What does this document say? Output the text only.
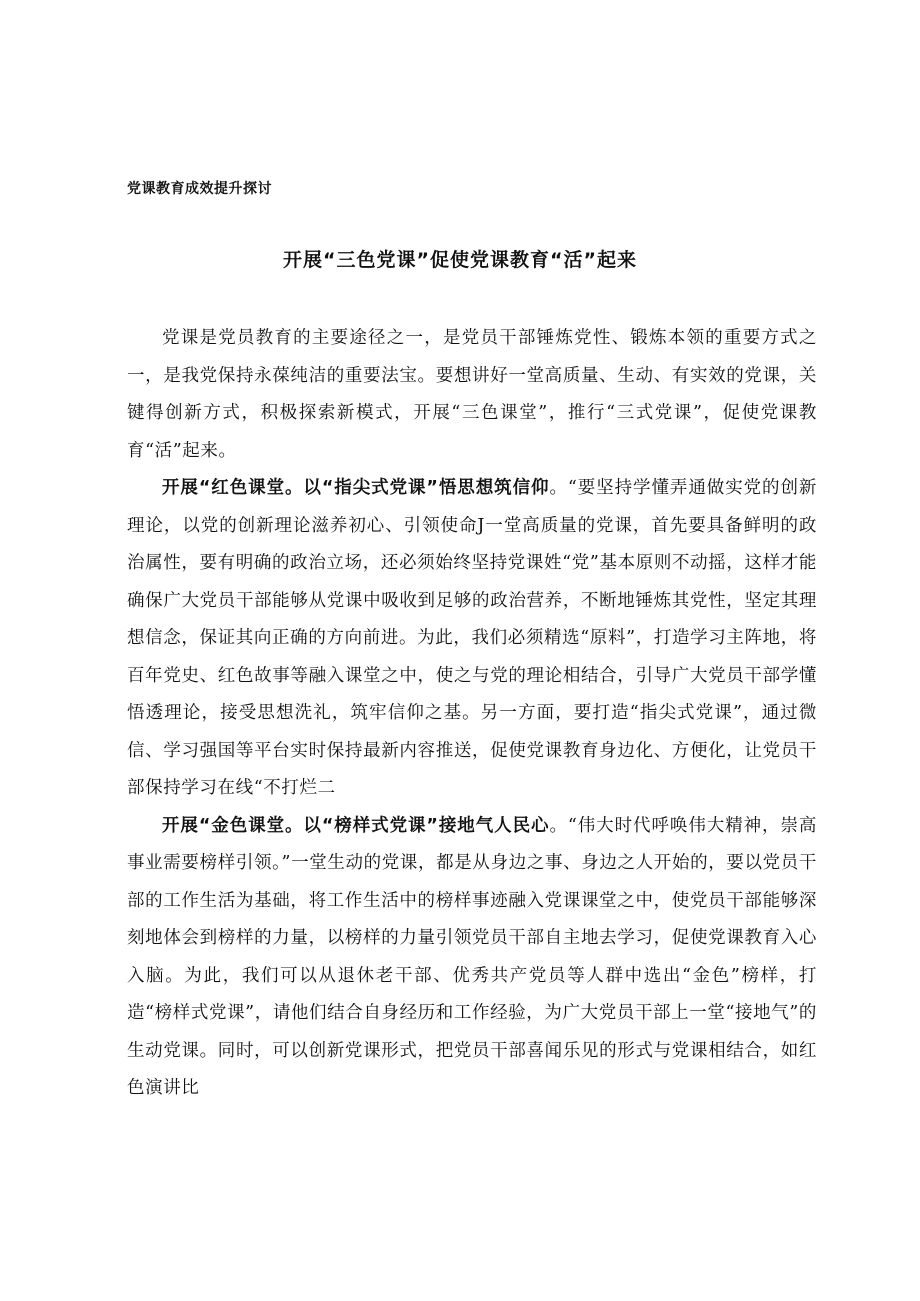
党课教育成效提升探讨
开展“三色党课”促使党课教育“活”起来

党课是党员教育的主要途径之一，是党员干部锤炼党性、锻炼本领的重要方式之一，是我党保持永葆纯洁的重要法宝。要想讲好一堂高质量、生动、有实效的党课，关键得创新方式，积极探索新模式，开展“三色课堂”，推行“三式党课”，促使党课教育“活”起来。

开展“红色课堂。以“指尖式党课”悟思想筑信仰。“要坚持学懂弄通做实党的创新理论，以党的创新理论滋养初心、引领使命J一堂高质量的党课，首先要具备鲜明的政治属性，要有明确的政治立场，还必须始终坚持党课姓“党”基本原则不动摇，这样才能确保广大党员干部能够从党课中吸收到足够的政治营养，不断地锤炼其党性，坚定其理想信念，保证其向正确的方向前进。为此，我们必须精选“原料”，打造学习主阵地，将百年党史、红色故事等融入课堂之中，使之与党的理论相结合，引导广大党员干部学懂悟透理论，接受思想洗礼，筑牢信仰之基。另一方面，要打造“指尖式党课”，通过微信、学习强国等平台实时保持最新内容推送，促使党课教育身边化、方便化，让党员干部保持学习在线“不打烂二

开展“金色课堂。以“榜样式党课”接地气人民心。“伟大时代呼唤伟大精神，崇高事业需要榜样引领。”一堂生动的党课，都是从身边之事、身边之人开始的，要以党员干部的工作生活为基础，将工作生活中的榜样事迹融入党课课堂之中，使党员干部能够深刻地体会到榜样的力量，以榜样的力量引领党员干部自主地去学习，促使党课教育入心入脑。为此，我们可以从退休老干部、优秀共产党员等人群中选出“金色”榜样，打造“榜样式党课”，请他们结合自身经历和工作经验，为广大党员干部上一堂“接地气”的生动党课。同时，可以创新党课形式，把党员干部喜闻乐见的形式与党课相结合，如红色演讲比
